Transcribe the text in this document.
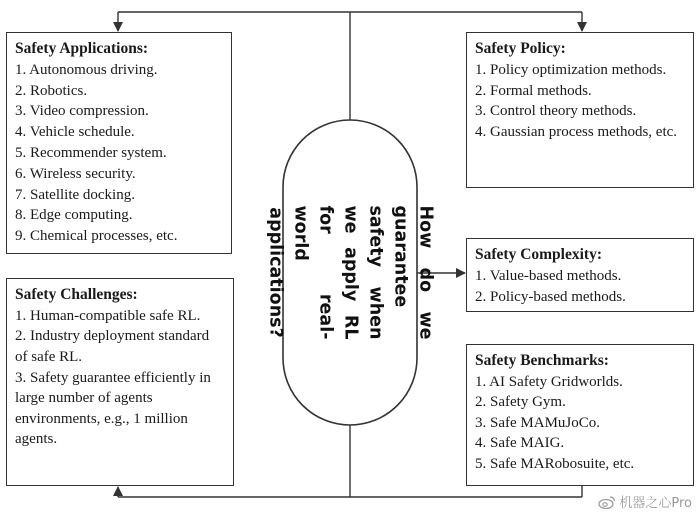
How do we guarantee safety when we apply RL for real-world applications?
Safety Applications:
1. Autonomous driving.
2. Robotics.
3. Video compression.
4. Vehicle schedule.
5. Recommender system.
6. Wireless security.
7. Satellite docking.
8. Edge computing.
9. Chemical processes, etc.
Safety Challenges:
1. Human-compatible safe RL.
2. Industry deployment standard of safe RL.
3. Safety guarantee efficiently in large number of agents environments, e.g., 1 million agents.
Safety Policy:
1. Policy optimization methods.
2. Formal methods.
3. Control theory methods.
4. Gaussian process methods, etc.
Safety Complexity:
1. Value-based methods.
2. Policy-based methods.
Safety Benchmarks:
1. AI Safety Gridworlds.
2. Safety Gym.
3. Safe MAMuJoCo.
4. Safe MAIG.
5. Safe MARobosuite, etc.
机器之心Pro
